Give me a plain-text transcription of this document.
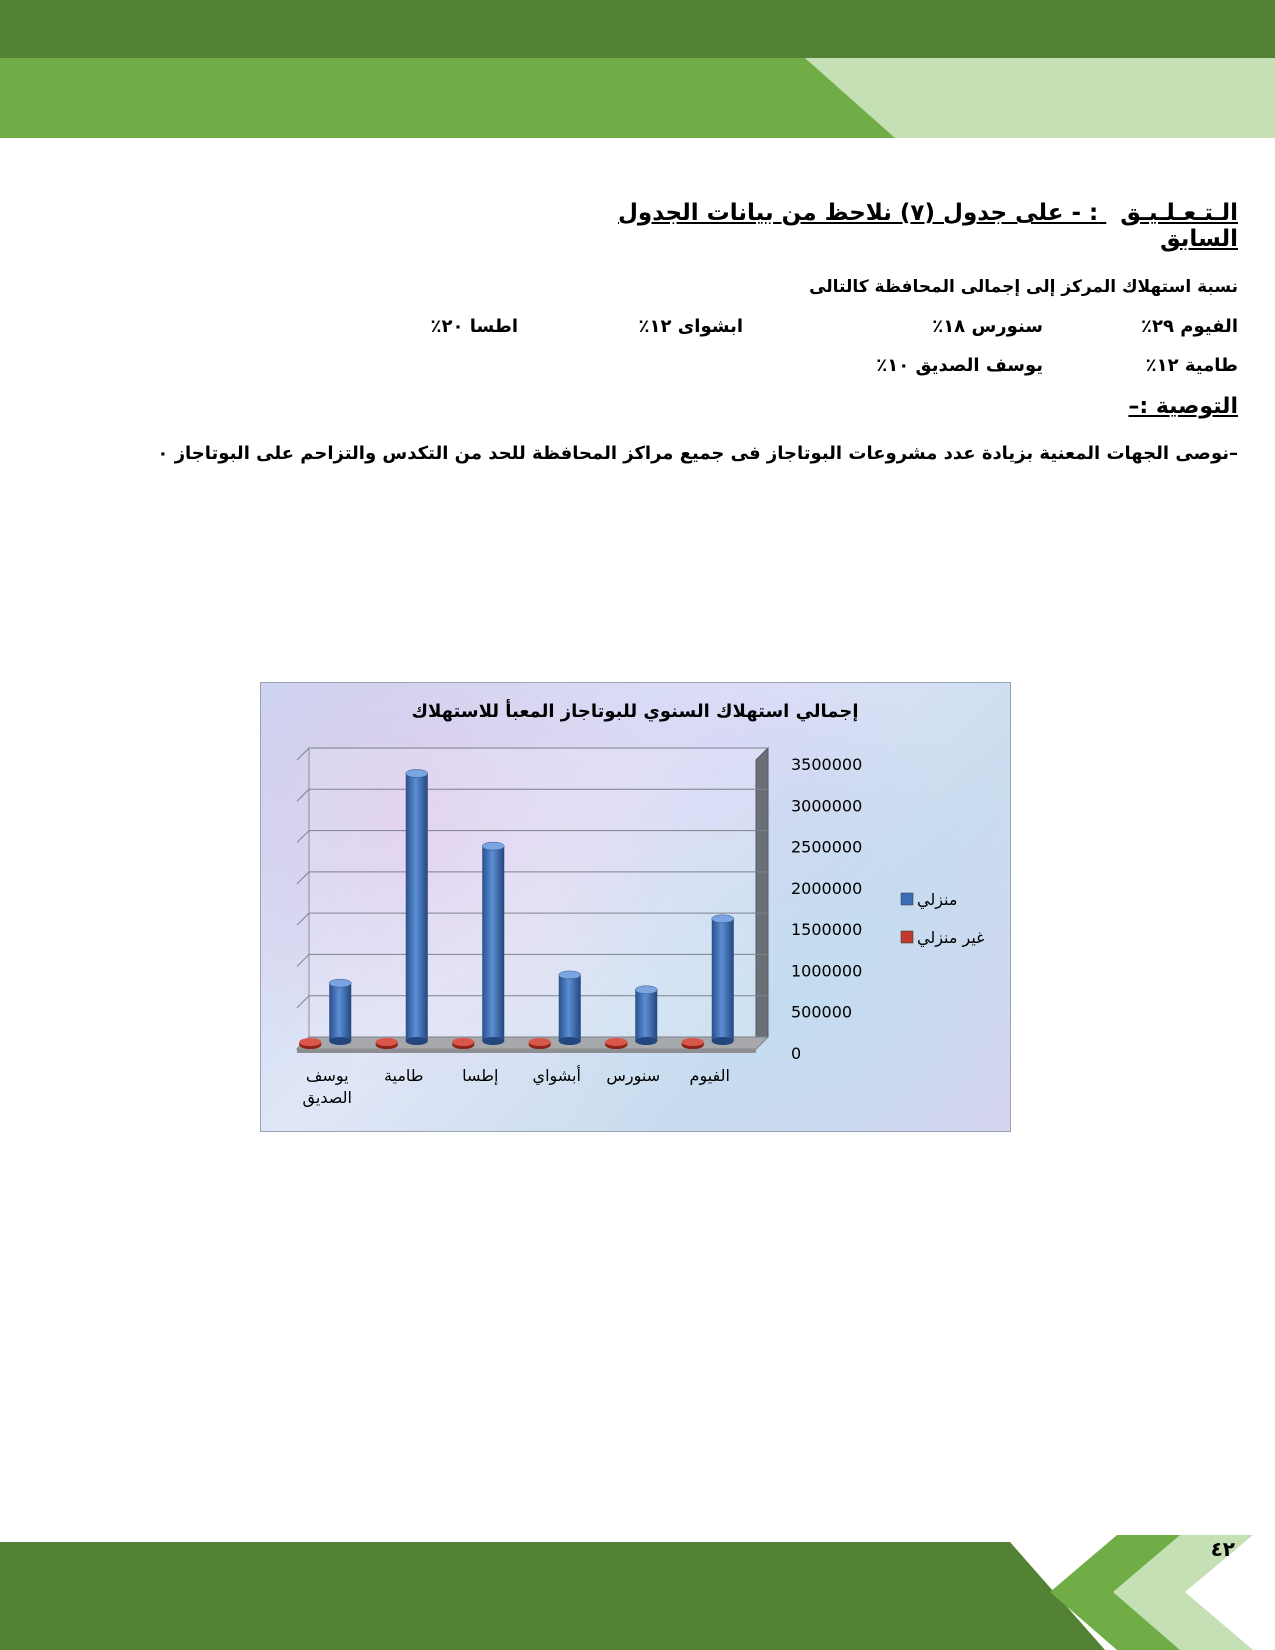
الـتـعـلـيـق : - على جدول (٧) نلاحظ من بيانات الجدول السابق
نسبة استهلاك المركز إلى إجمالى المحافظة كالتالى
الفيوم ٢٩٪
سنورس ١٨٪
ابشواى ١٢٪
اطسا ٢٠٪
طامية ١٢٪
يوسف الصديق ١٠٪
التوصية :–
–نوصى الجهات المعنية بزيادة عدد مشروعات البوتاجاز فى جميع مراكز المحافظة للحد من التكدس والتزاحم على البوتاجاز ٠
إجمالي استهلاك السنوي للبوتاجاز المعبأ للاستهلاك
0
500000
1000000
1500000
2000000
2500000
3000000
3500000
الفيوم
سنورس
أبشواي
إطسا
طامية
يوسف
الصديق
منزلي
غير منزلي
٤٢
